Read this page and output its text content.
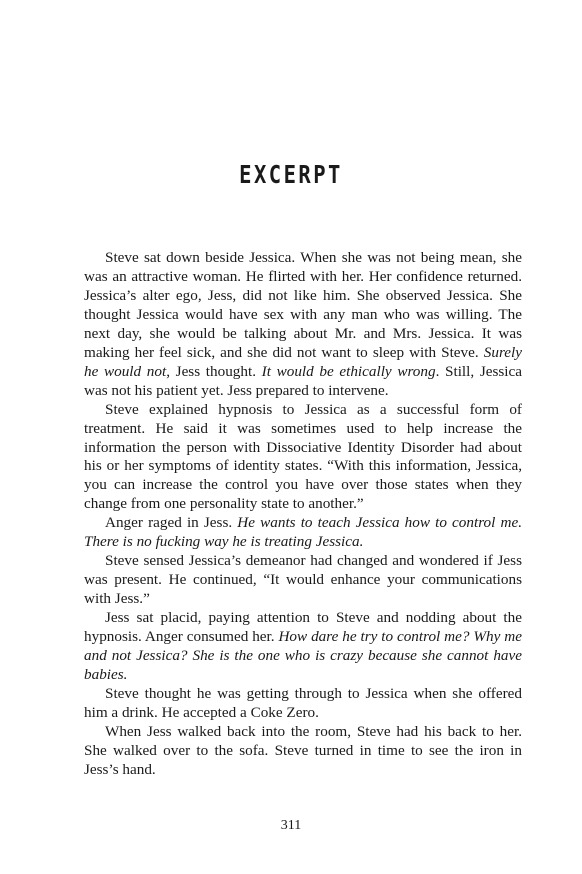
EXCERPT

Steve sat down beside Jessica. When she was not being mean, she was an attractive woman. He flirted with her. Her confidence returned. Jessica’s alter ego, Jess, did not like him. She observed Jessica. She thought Jessica would have sex with any man who was willing. The next day, she would be talking about Mr. and Mrs. Jessica. It was making her feel sick, and she did not want to sleep with Steve. Surely he would not, Jess thought. It would be ethically wrong. Still, Jessica was not his patient yet. Jess prepared to intervene.

Steve explained hypnosis to Jessica as a successful form of treatment. He said it was sometimes used to help increase the information the person with Dissociative Identity Disorder had about his or her symptoms of identity states. “With this information, Jessica, you can increase the control you have over those states when they change from one personality state to another.”

Anger raged in Jess. He wants to teach Jessica how to control me. There is no fucking way he is treating Jessica.

Steve sensed Jessica’s demeanor had changed and wondered if Jess was present. He continued, “It would enhance your communications with Jess.”

Jess sat placid, paying attention to Steve and nodding about the hypnosis. Anger consumed her. How dare he try to control me? Why me and not Jessica? She is the one who is crazy because she cannot have babies.

Steve thought he was getting through to Jessica when she offered him a drink. He accepted a Coke Zero.

When Jess walked back into the room, Steve had his back to her. She walked over to the sofa. Steve turned in time to see the iron in Jess’s hand.

311
